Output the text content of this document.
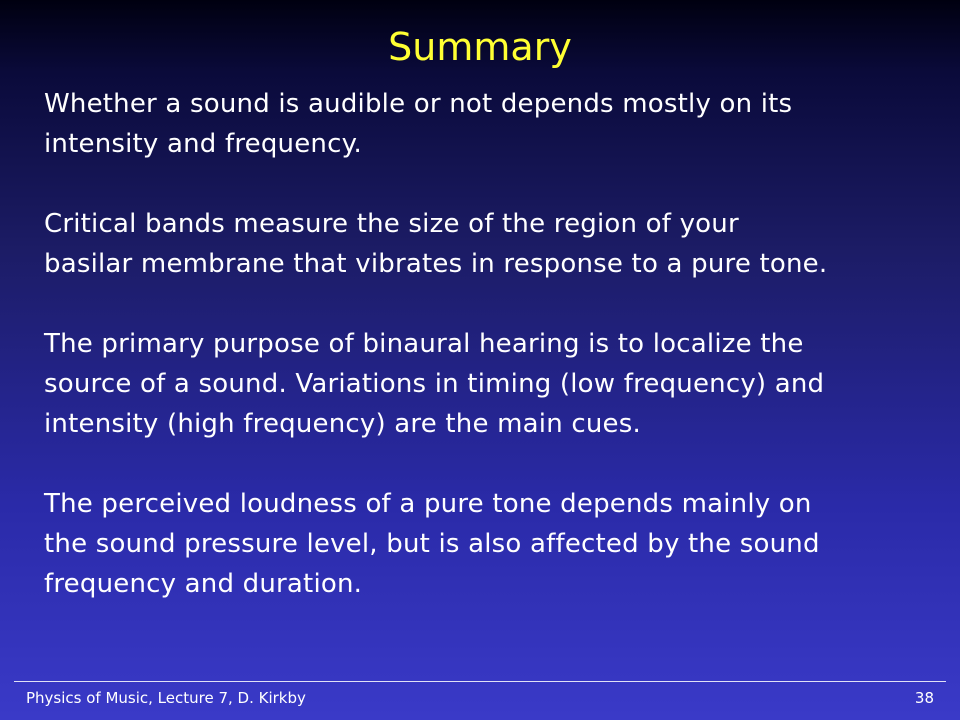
Summary

Whether a sound is audible or not depends mostly on its
intensity and frequency.

Critical bands measure the size of the region of your
basilar membrane that vibrates in response to a pure tone.

The primary purpose of binaural hearing is to localize the
source of a sound. Variations in timing (low frequency) and
intensity (high frequency) are the main cues.

The perceived loudness of a pure tone depends mainly on
the sound pressure level, but is also affected by the sound
frequency and duration.

Physics of Music, Lecture 7, D. Kirkby	38
